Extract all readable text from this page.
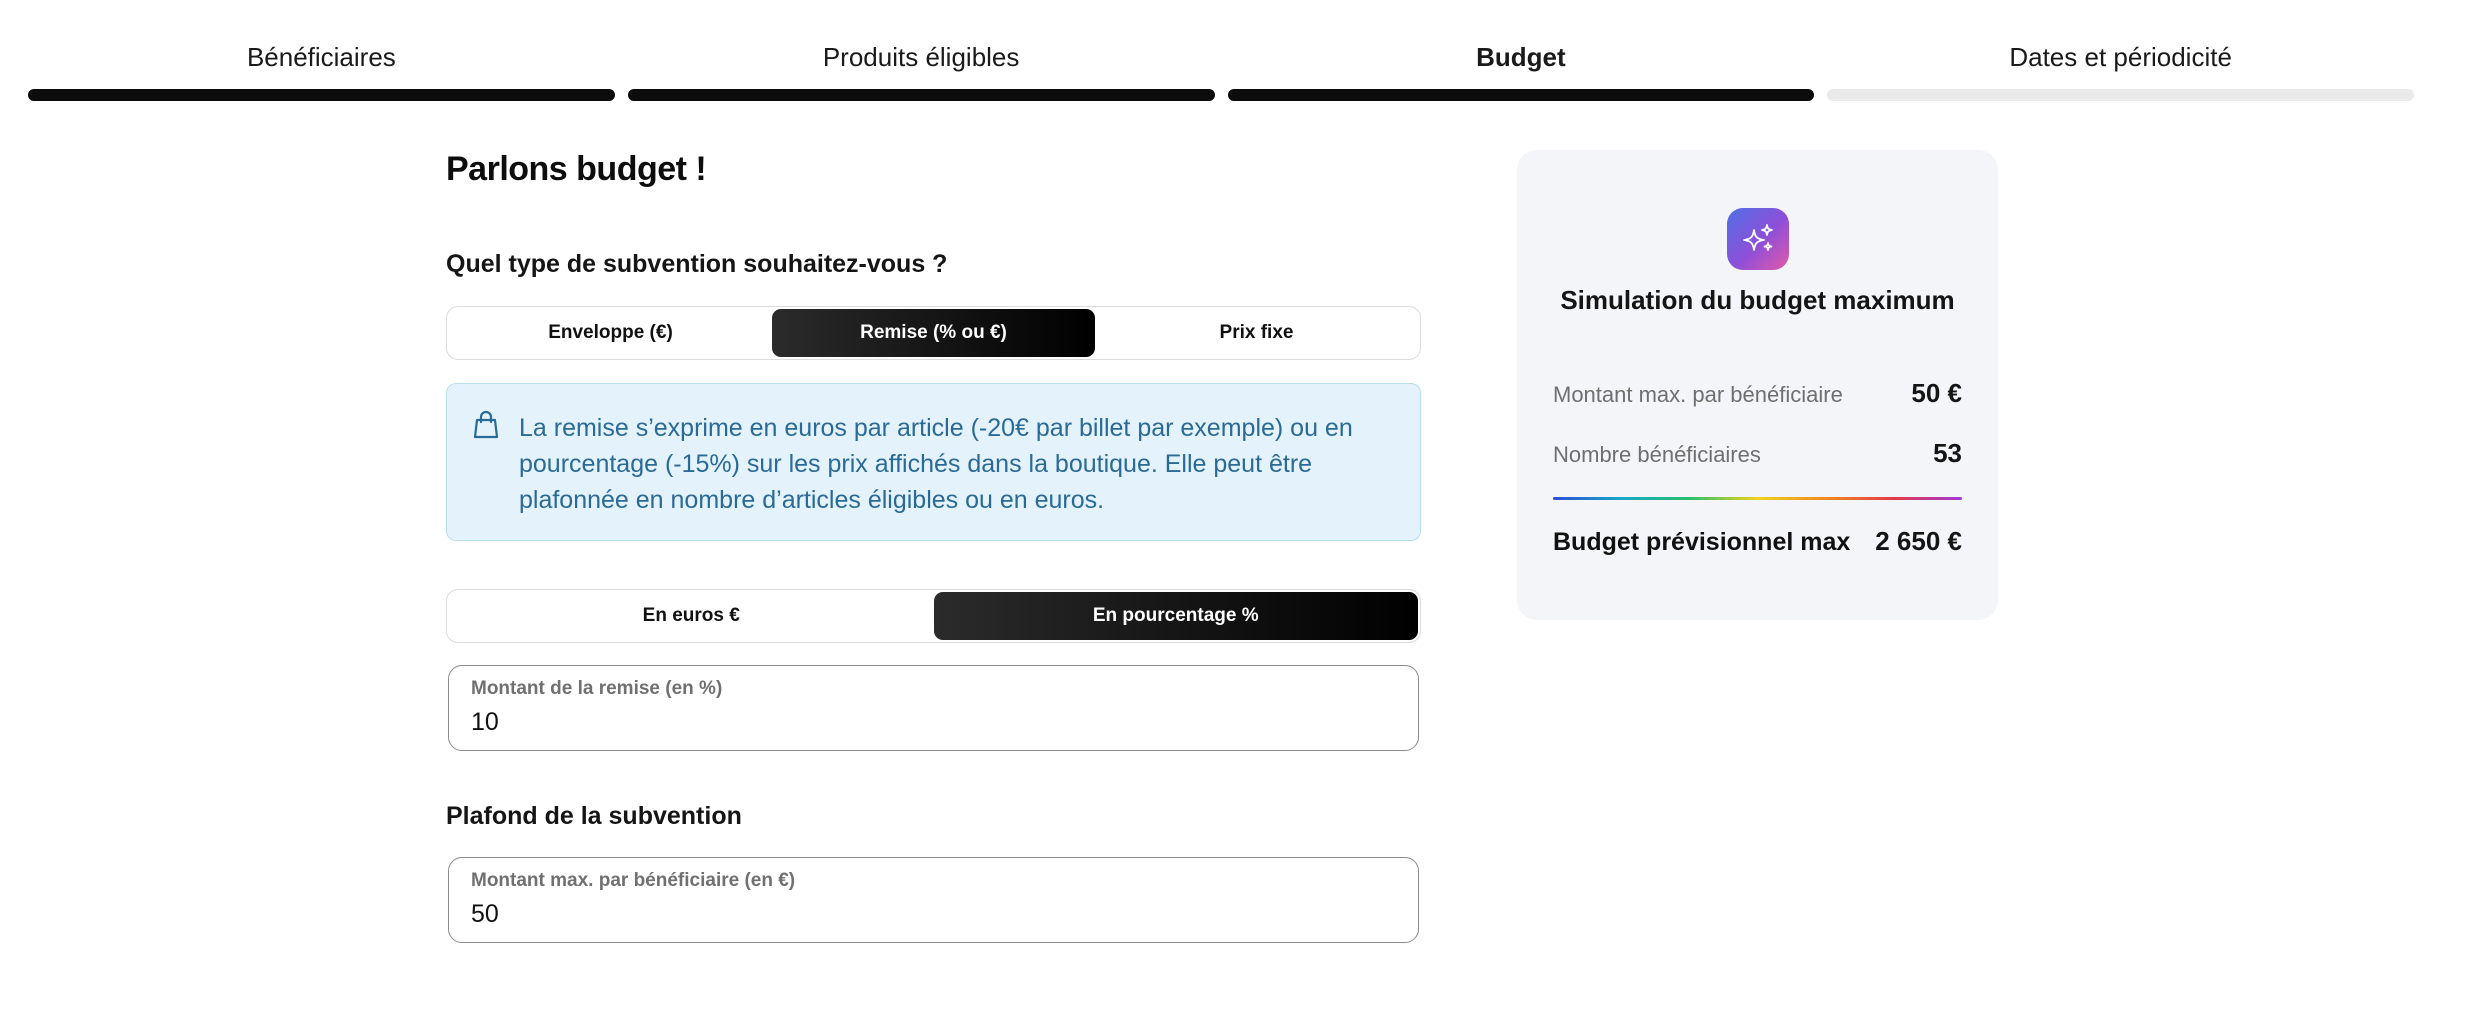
Bénéficiaires	Produits éligibles	Budget	Dates et périodicité
Parlons budget !
Quel type de subvention souhaitez-vous ?
Enveloppe (€)	Remise (% ou €)	Prix fixe

La remise s’exprime en euros par article (-20€ par billet par exemple) ou en pourcentage (-15%) sur les prix affichés dans la boutique. Elle peut être plafonnée en nombre d’articles éligibles ou en euros.

En euros €	En pourcentage %
Montant de la remise (en %)
10
Plafond de la subvention
Montant max. par bénéficiaire (en €)
50
Simulation du budget maximum
Montant max. par bénéficiaire	50 €
Nombre bénéficiaires	53
Budget prévisionnel max 2 650 €
